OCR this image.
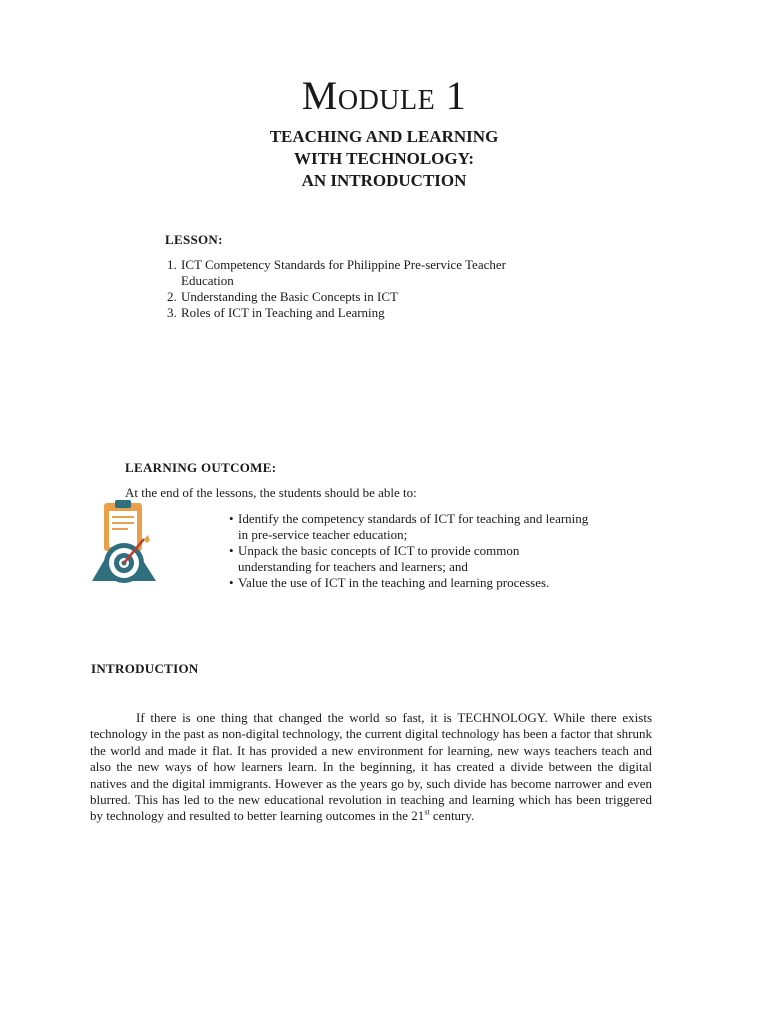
Module 1
TEACHING AND LEARNING
WITH TECHNOLOGY:
AN INTRODUCTION
LESSON:
1. ICT Competency Standards for Philippine Pre-service Teacher
Education
2. Understanding the Basic Concepts in ICT
3. Roles of ICT in Teaching and Learning
LEARNING OUTCOME:
At the end of the lessons, the students should be able to:
• Identify the competency standards of ICT for teaching and learning
in pre-service teacher education;
• Unpack the basic concepts of ICT to provide common
understanding for teachers and learners; and
• Value the use of ICT in the teaching and learning processes.
INTRODUCTION
If there is one thing that changed the world so fast, it is TECHNOLOGY. While there exists technology in the past as non-digital technology, the current digital technology has been a factor that shrunk the world and made it flat. It has provided a new environment for learning, new ways teachers teach and also the new ways of how learners learn. In the beginning, it has created a divide between the digital natives and the digital immigrants. However as the years go by, such divide has become narrower and even blurred. This has led to the new educational revolution in teaching and learning which has been triggered by technology and resulted to better learning outcomes in the 21st century.
